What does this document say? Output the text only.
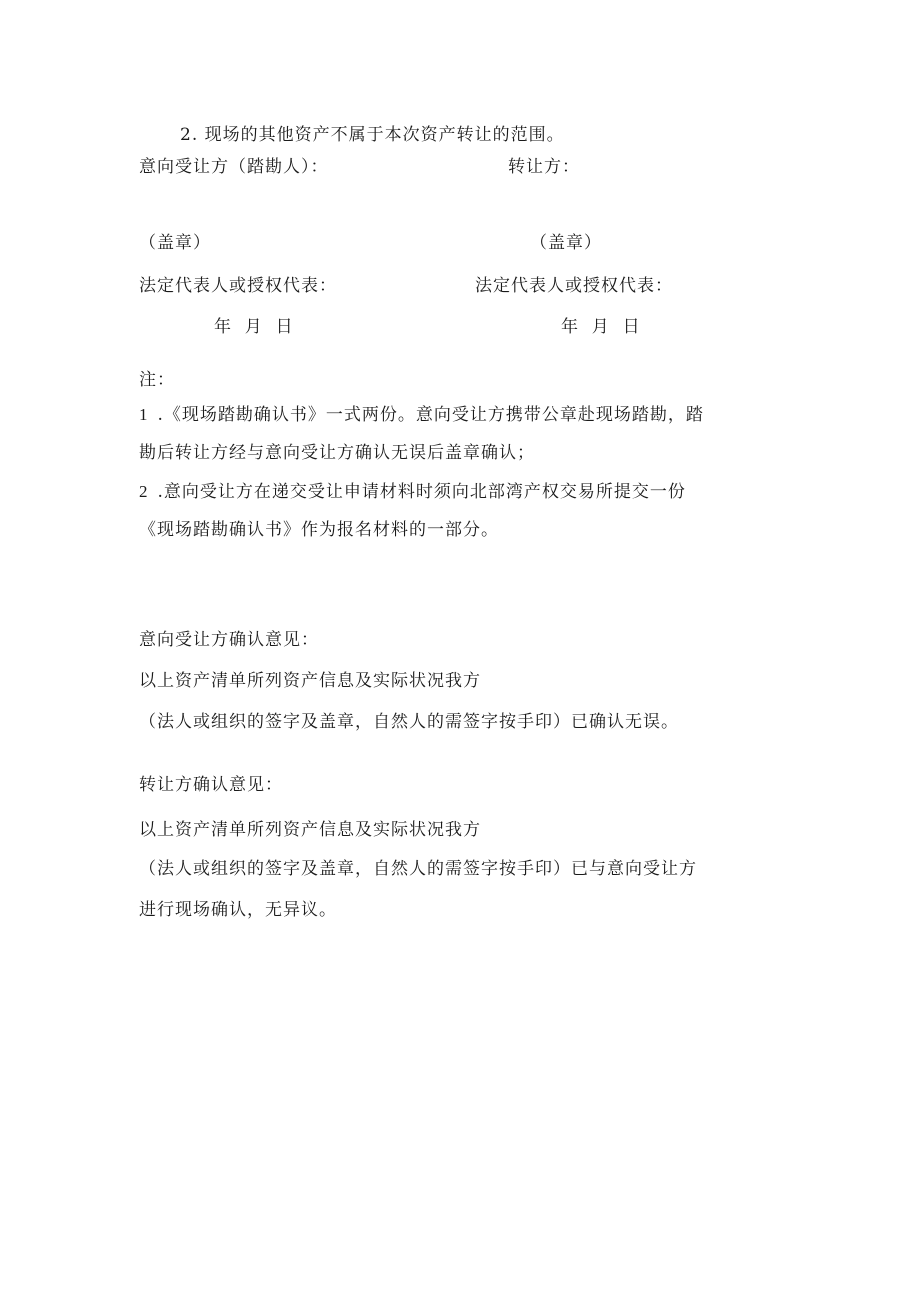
2. 现场的其他资产不属于本次资产转让的范围。
意向受让方（踏勘人）：	转让方：
（盖章）	（盖章）
法定代表人或授权代表：	法定代表人或授权代表：
年  月  日	年  月  日
注：
1 .《现场踏勘确认书》一式两份。意向受让方携带公章赴现场踏勘，踏
勘后转让方经与意向受让方确认无误后盖章确认；
2 .意向受让方在递交受让申请材料时须向北部湾产权交易所提交一份
《现场踏勘确认书》作为报名材料的一部分。
意向受让方确认意见：
以上资产清单所列资产信息及实际状况我方
（法人或组织的签字及盖章，自然人的需签字按手印）已确认无误。
转让方确认意见：
以上资产清单所列资产信息及实际状况我方
（法人或组织的签字及盖章，自然人的需签字按手印）已与意向受让方
进行现场确认，无异议。
